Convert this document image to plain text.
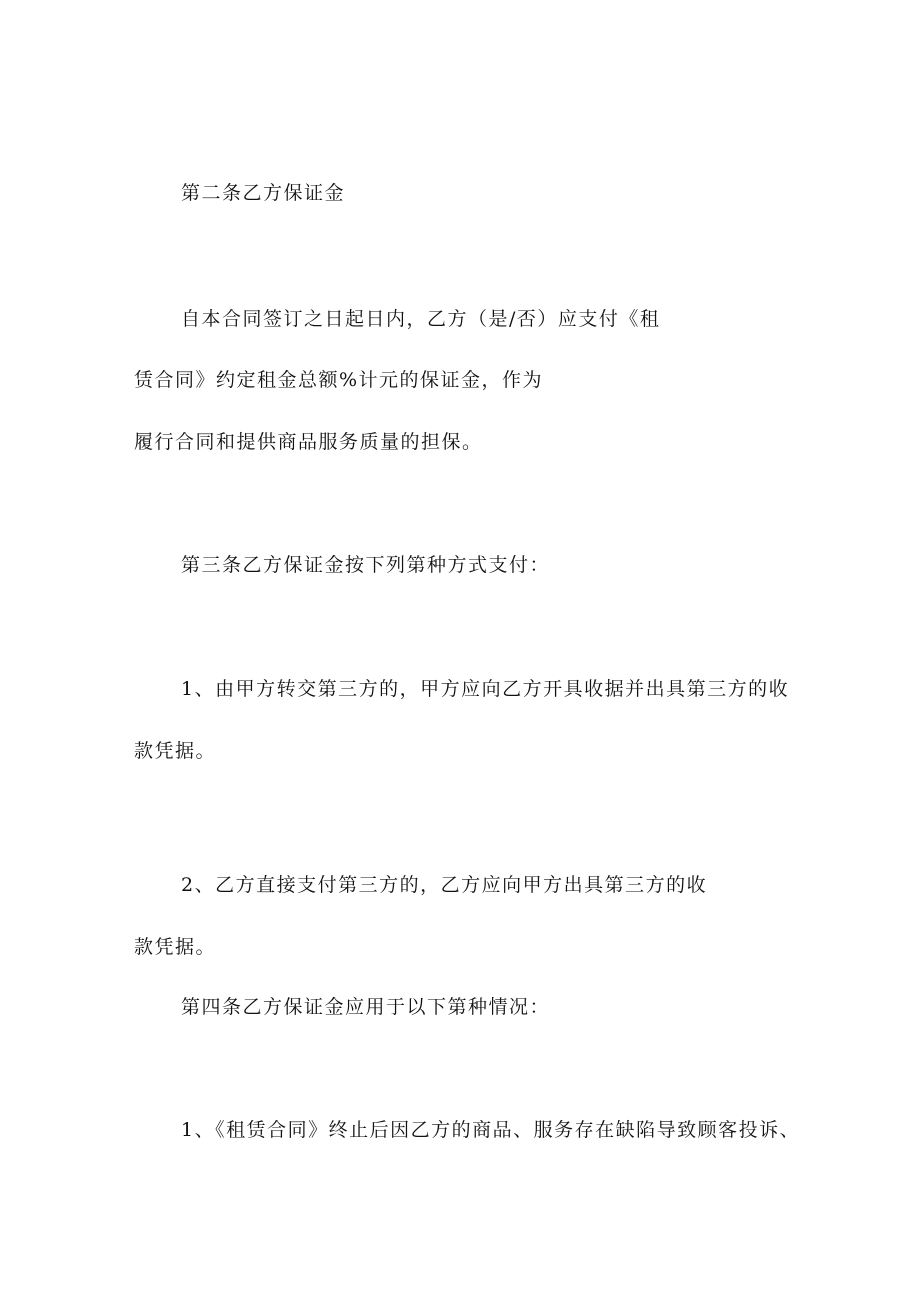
第二条乙方保证金
自本合同签订之日起日内，乙方（是/否）应支付《租
赁合同》约定租金总额%计元的保证金，作为
履行合同和提供商品服务质量的担保。
第三条乙方保证金按下列第种方式支付：
1、由甲方转交第三方的，甲方应向乙方开具收据并出具第三方的收
款凭据。
2、乙方直接支付第三方的，乙方应向甲方出具第三方的收
款凭据。
第四条乙方保证金应用于以下第种情况：
1、《租赁合同》终止后因乙方的商品、服务存在缺陷导致顾客投诉、
